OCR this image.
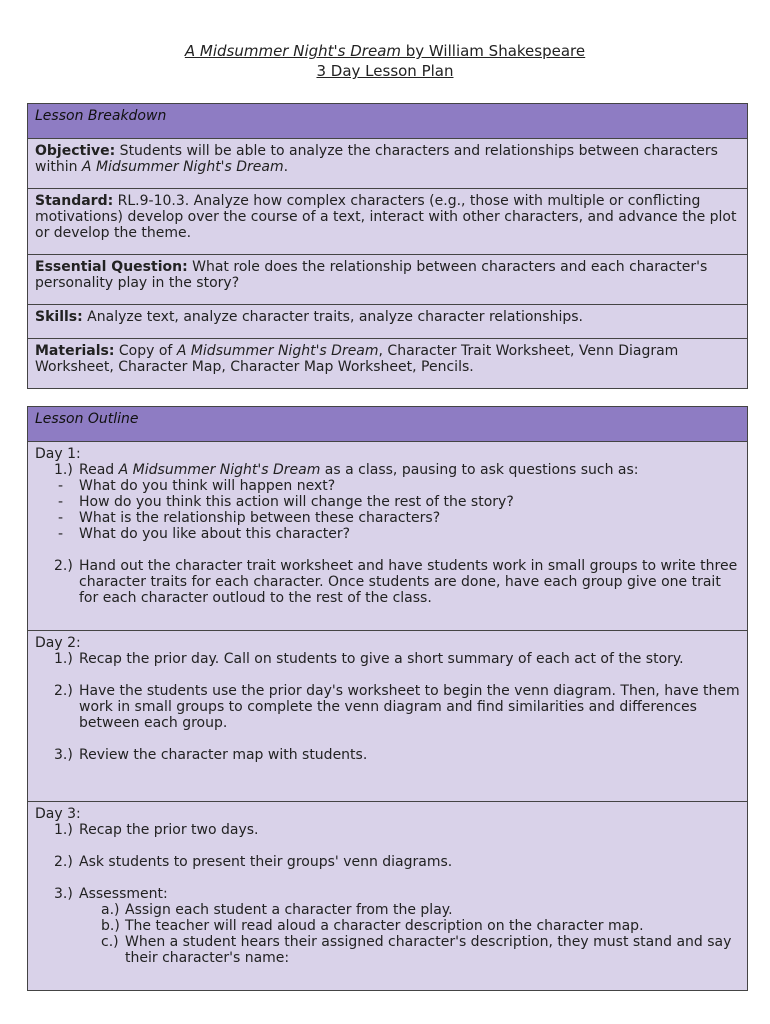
A Midsummer Night's Dream by William Shakespeare
3 Day Lesson Plan
Lesson Breakdown
Objective: Students will be able to analyze the characters and relationships between characters within A Midsummer Night's Dream.
Standard: RL.9-10.3. Analyze how complex characters (e.g., those with multiple or conflicting motivations) develop over the course of a text, interact with other characters, and advance the plot or develop the theme.
Essential Question: What role does the relationship between characters and each character's personality play in the story?
Skills: Analyze text, analyze character traits, analyze character relationships.
Materials: Copy of A Midsummer Night's Dream, Character Trait Worksheet, Venn Diagram Worksheet, Character Map, Character Map Worksheet, Pencils.
Lesson Outline

Day 1:
1.) Read A Midsummer Night's Dream as a class, pausing to ask questions such as:
- What do you think will happen next?
- How do you think this action will change the rest of the story?
- What is the relationship between these characters?
- What do you like about this character?
2.) Hand out the character trait worksheet and have students work in small groups to write three character traits for each character. Once students are done, have each group give one trait for each character outloud to the rest of the class.

Day 2:
1.) Recap the prior day. Call on students to give a short summary of each act of the story.
2.) Have the students use the prior day's worksheet to begin the venn diagram. Then, have them work in small groups to complete the venn diagram and find similarities and differences between each group.
3.) Review the character map with students.

Day 3:
1.) Recap the prior two days.
2.) Ask students to present their groups' venn diagrams.
3.) Assessment:
a.) Assign each student a character from the play.
b.) The teacher will read aloud a character description on the character map.
c.) When a student hears their assigned character's description, they must stand and say their character's name:
